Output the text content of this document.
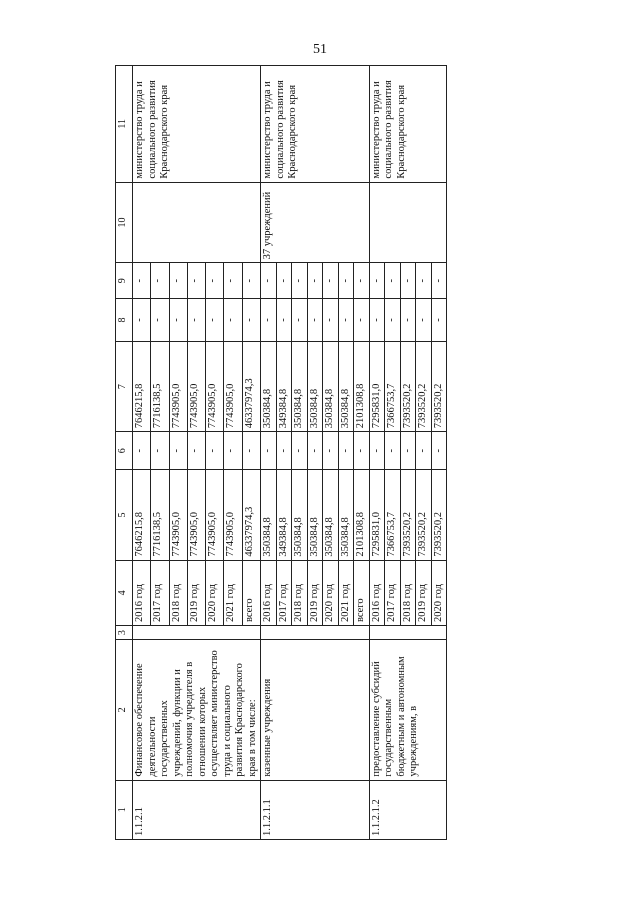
51
1	2	3	4	5	6	7	8	9	10	11
1.1.2.1	Финансовое обеспечение деятельности государственных учреждений, функции и полномочия учредителя в отношении которых осуществляет министерство труда и социального развития Краснодарского края в том числе:		2016 год	7646215,8	-	7646215,8	-	-		министерство труда и социального развития Краснодарского края
			2017 год	7716138,5	-	7716138,5	-	-		
			2018 год	7743905,0	-	7743905,0	-	-		
			2019 год	7743905,0	-	7743905,0	-	-		
			2020 год	7743905,0	-	7743905,0	-	-		
			2021 год	7743905,0	-	7743905,0	-	-		
			всего	46337974,3	-	46337974,3	-	-		
1.1.2.1.1	казенные учреждения		2016 год	350384,8	-	350384,8	-	-	37 учреждений	министерство труда и социального развития Краснодарского края
			2017 год	349384,8	-	349384,8	-	-		
			2018 год	350384,8	-	350384,8	-	-		
			2019 год	350384,8	-	350384,8	-	-		
			2020 год	350384,8	-	350384,8	-	-		
			2021 год	350384,8	-	350384,8	-	-		
			всего	2101308,8	-	2101308,8	-	-		
1.1.2.1.2	предоставление субсидий государственным бюджетным и автономным учреждениям, в		2016 год	7295831,0	-	7295831,0	-	-		министерство труда и социального развития Краснодарского края
			2017 год	7366753,7	-	7366753,7	-	-		
			2018 год	7393520,2	-	7393520,2	-	-		
			2019 год	7393520,2	-	7393520,2	-	-		
			2020 год	7393520,2	-	7393520,2	-	-		
